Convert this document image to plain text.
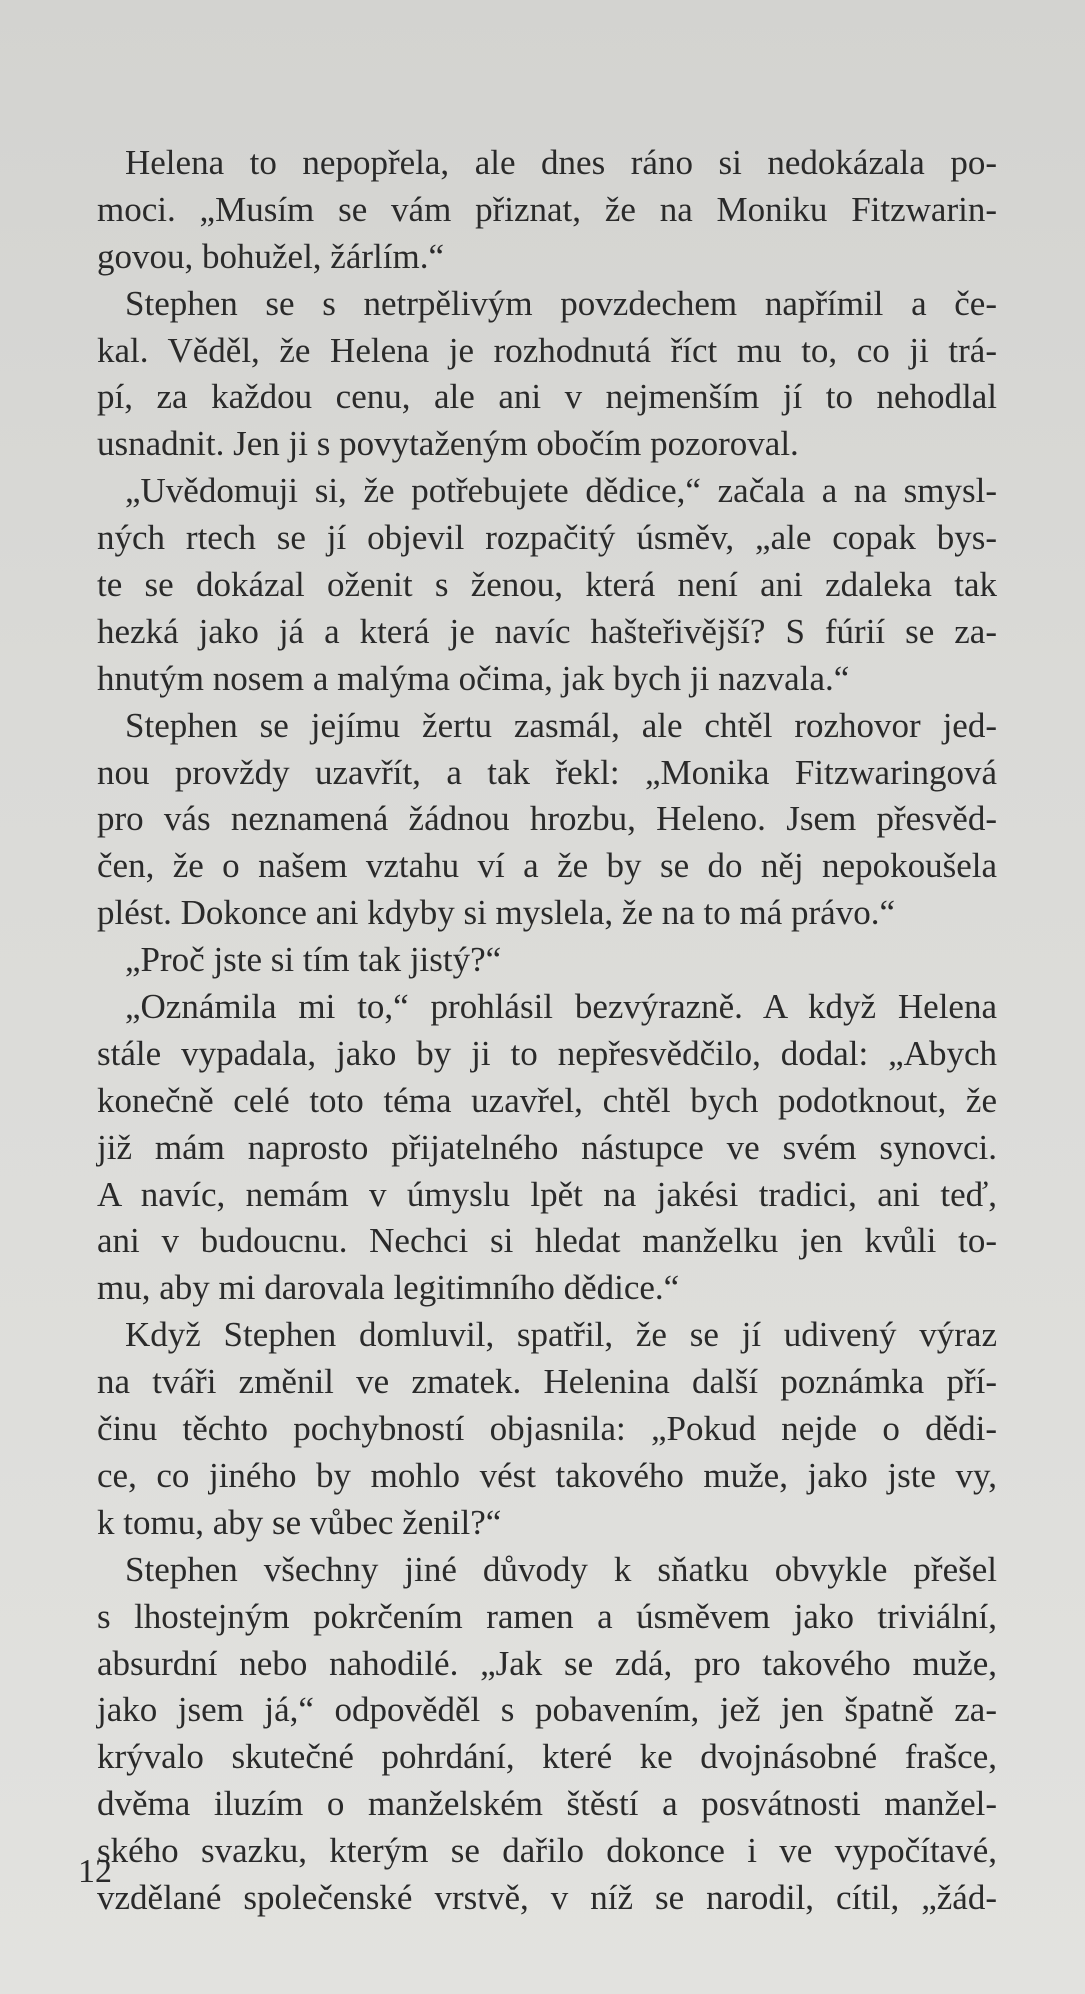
Helena to nepopřela, ale dnes ráno si nedokázala po-
moci. „Musím se vám přiznat, že na Moniku Fitzwarin-
govou, bohužel, žárlím.“
Stephen se s netrpělivým povzdechem napřímil a če-
kal. Věděl, že Helena je rozhodnutá říct mu to, co ji trá-
pí, za každou cenu, ale ani v nejmenším jí to nehodlal
usnadnit. Jen ji s povytaženým obočím pozoroval.
„Uvědomuji si, že potřebujete dědice,“ začala a na smysl-
ných rtech se jí objevil rozpačitý úsměv, „ale copak bys-
te se dokázal oženit s ženou, která není ani zdaleka tak
hezká jako já a která je navíc hašteřivější? S fúrií se za-
hnutým nosem a malýma očima, jak bych ji nazvala.“
Stephen se jejímu žertu zasmál, ale chtěl rozhovor jed-
nou provždy uzavřít, a tak řekl: „Monika Fitzwaringová
pro vás neznamená žádnou hrozbu, Heleno. Jsem přesvěd-
čen, že o našem vztahu ví a že by se do něj nepokoušela
plést. Dokonce ani kdyby si myslela, že na to má právo.“
„Proč jste si tím tak jistý?“
„Oznámila mi to,“ prohlásil bezvýrazně. A když Helena
stále vypadala, jako by ji to nepřesvědčilo, dodal: „Abych
konečně celé toto téma uzavřel, chtěl bych podotknout, že
již mám naprosto přijatelného nástupce ve svém synovci.
A navíc, nemám v úmyslu lpět na jakési tradici, ani teď,
ani v budoucnu. Nechci si hledat manželku jen kvůli to-
mu, aby mi darovala legitimního dědice.“
Když Stephen domluvil, spatřil, že se jí udivený výraz
na tváři změnil ve zmatek. Helenina další poznámka pří-
činu těchto pochybností objasnila: „Pokud nejde o dědi-
ce, co jiného by mohlo vést takového muže, jako jste vy,
k tomu, aby se vůbec ženil?“
Stephen všechny jiné důvody k sňatku obvykle přešel
s lhostejným pokrčením ramen a úsměvem jako triviální,
absurdní nebo nahodilé. „Jak se zdá, pro takového muže,
jako jsem já,“ odpověděl s pobavením, jež jen špatně za-
krývalo skutečné pohrdání, které ke dvojnásobné frašce,
dvěma iluzím o manželském štěstí a posvátnosti manžel-
ského svazku, kterým se dařilo dokonce i ve vypočítavé,
vzdělané společenské vrstvě, v níž se narodil, cítil, „žád-
12
